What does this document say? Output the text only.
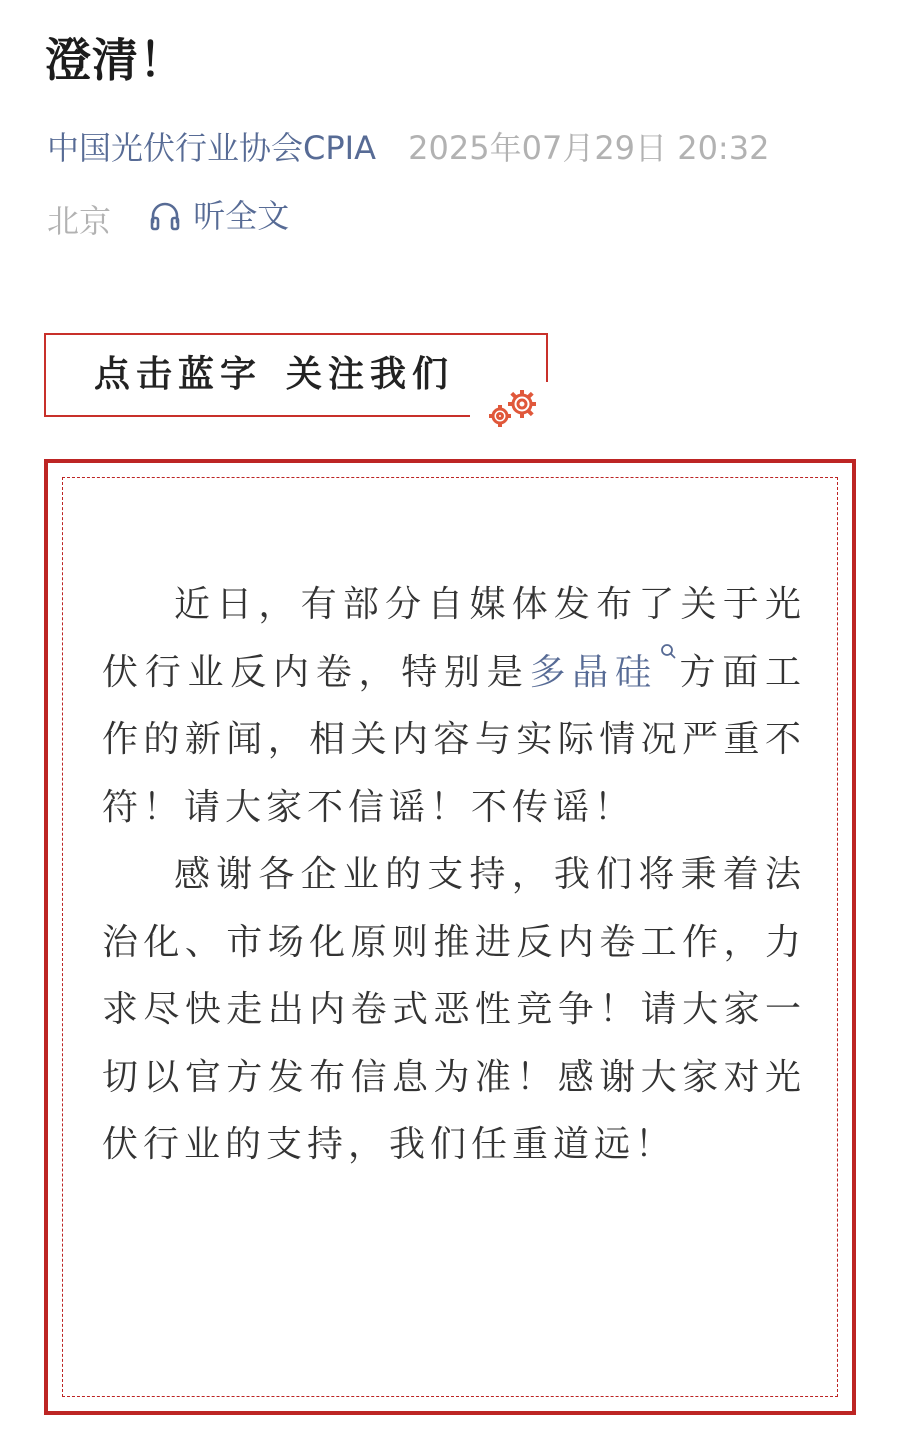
澄清！
中国光伏行业协会CPIA 2025年07月29日 20:32
北京	听全文
点击蓝字 关注我们

近日，有部分自媒体发布了关于光伏行业反内卷，特别是多晶硅 方面工作的新闻，相关内容与实际情况严重不符！请大家不信谣！不传谣！

感谢各企业的支持，我们将秉着法治化、市场化原则推进反内卷工作，力求尽快走出内卷式恶性竞争！请大家一切以官方发布信息为准！感谢大家对光伏行业的支持，我们任重道远！
